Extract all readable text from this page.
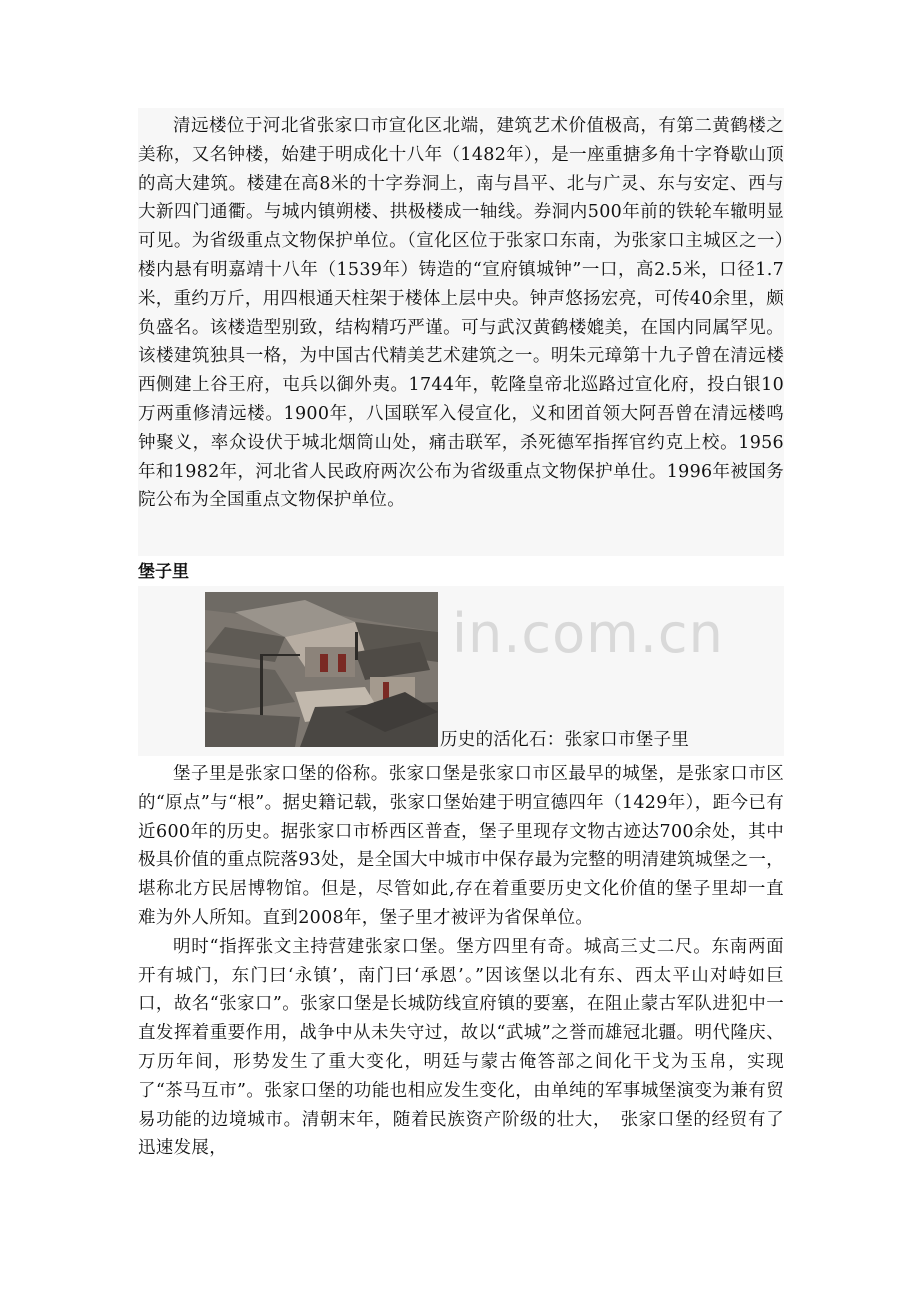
清远楼位于河北省张家口市宣化区北端，建筑艺术价值极高，有第二黄鹤楼之美称，又名钟楼，始建于明成化十八年（1482年），是一座重搪多角十字脊歇山顶的高大建筑。楼建在高8米的十字券洞上，南与昌平、北与广灵、东与安定、西与大新四门通衢。与城内镇朔楼、拱极楼成一轴线。券洞内500年前的铁轮车辙明显可见。为省级重点文物保护单位。（宣化区位于张家口东南，为张家口主城区之一）楼内悬有明嘉靖十八年（1539年）铸造的“宣府镇城钟”一口，高2.5米，口径1.7米，重约万斤，用四根通天柱架于楼体上层中央。钟声悠扬宏亮，可传40余里，颇负盛名。该楼造型别致，结构精巧严谨。可与武汉黄鹤楼媲美，在国内同属罕见。该楼建筑独具一格，为中国古代精美艺术建筑之一。明朱元璋第十九子曾在清远楼西侧建上谷王府，屯兵以御外夷。1744年，乾隆皇帝北巡路过宣化府，投白银10万两重修清远楼。1900年，八国联军入侵宣化，义和团首领大阿吾曾在清远楼鸣钟聚义，率众设伏于城北烟筒山处，痛击联军，杀死德军指挥官约克上校。1956年和1982年，河北省人民政府两次公布为省级重点文物保护单仕。1996年被国务院公布为全国重点文物保护单位。

堡子里
in.com.cn
历史的活化石：张家口市堡子里

堡子里是张家口堡的俗称。张家口堡是张家口市区最早的城堡，是张家口市区的“原点”与“根”。据史籍记载，张家口堡始建于明宣德四年（1429年），距今已有近600年的历史。据张家口市桥西区普查，堡子里现存文物古迹达700余处，其中极具价值的重点院落93处，是全国大中城市中保存最为完整的明清建筑城堡之一，堪称北方民居博物馆。但是，尽管如此,存在着重要历史文化价值的堡子里却一直难为外人所知。直到2008年，堡子里才被评为省保单位。

明时“指挥张文主持营建张家口堡。堡方四里有奇。城高三丈二尺。东南两面开有城门，东门曰‘永镇’，南门曰‘承恩’。”因该堡以北有东、西太平山对峙如巨口，故名“张家口”。张家口堡是长城防线宣府镇的要塞，在阻止蒙古军队进犯中一直发挥着重要作用，战争中从未失守过，故以“武城”之誉而雄冠北疆。明代隆庆、万历年间，形势发生了重大变化，明廷与蒙古俺答部之间化干戈为玉帛，实现了“茶马互市”。张家口堡的功能也相应发生变化，由单纯的军事城堡演变为兼有贸易功能的边境城市。清朝末年，随着民族资产阶级的壮大，　张家口堡的经贸有了迅速发展，
